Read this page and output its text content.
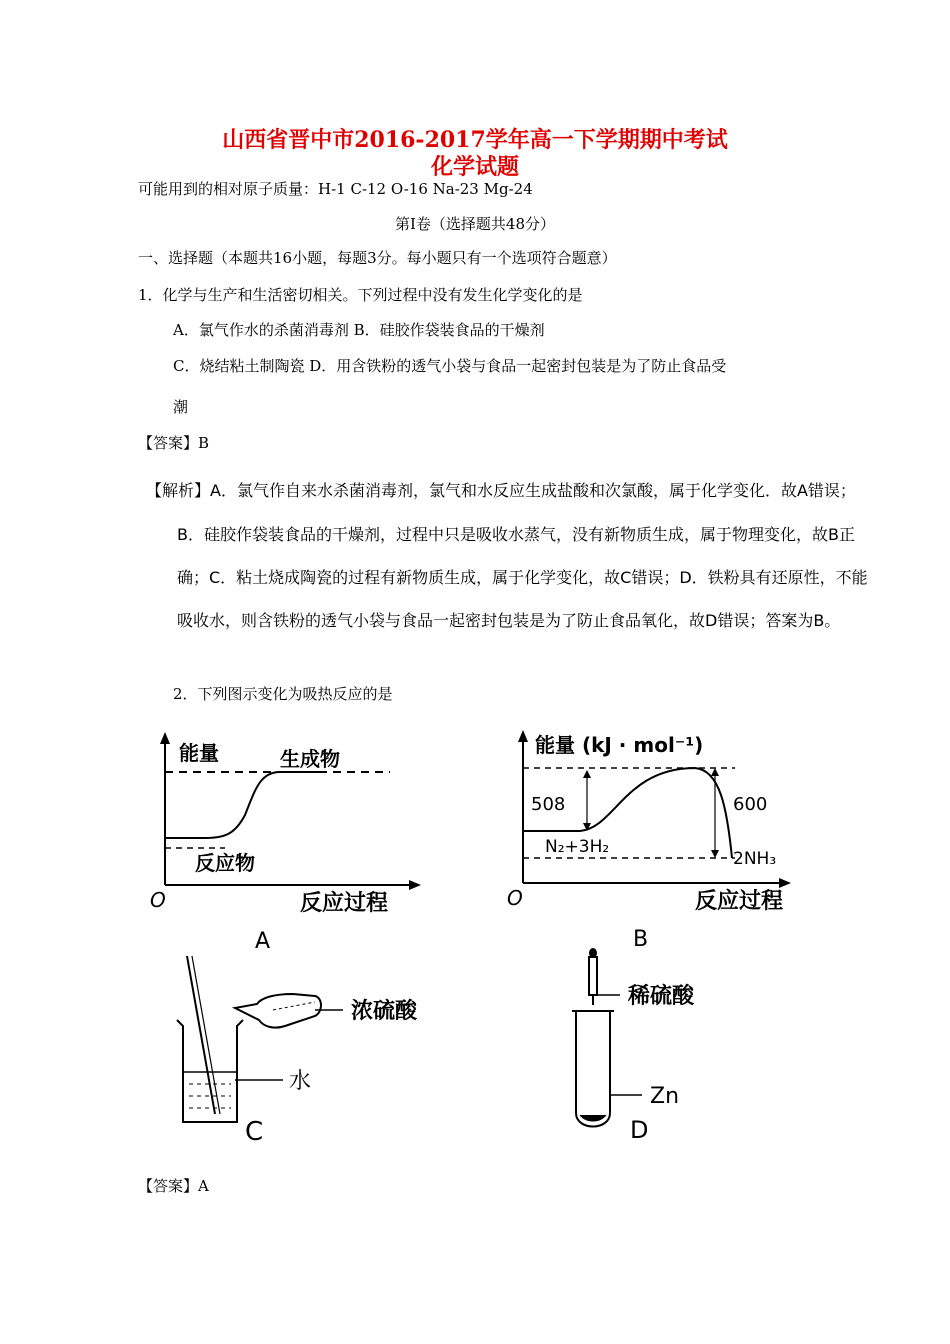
山西省晋中市2016-2017学年高一下学期期中考试
化学试题
可能用到的相对原子质量：H-1 C-12 O-16 Na-23 Mg-24
第Ⅰ卷（选择题共48分）
一、选择题（本题共16小题，每题3分。每小题只有一个选项符合题意）
1．化学与生产和生活密切相关。下列过程中没有发生化学变化的是
A．氯气作水的杀菌消毒剂 B．硅胶作袋装食品的干燥剂
C．烧结粘土制陶瓷 D．用含铁粉的透气小袋与食品一起密封包装是为了防止食品受
潮
【答案】B
【解析】A．氯气作自来水杀菌消毒剂，氯气和水反应生成盐酸和次氯酸，属于化学变化．故A错误；
B．硅胶作袋装食品的干燥剂，过程中只是吸收水蒸气，没有新物质生成，属于物理变化，故B正
确；C．粘土烧成陶瓷的过程有新物质生成，属于化学变化，故C错误；D．铁粉具有还原性，不能
吸收水，则含铁粉的透气小袋与食品一起密封包装是为了防止食品氧化，故D错误；答案为B。
2．下列图示变化为吸热反应的是
能量	生成物
反应物
O	反应过程
A
能量 (kJ · mol⁻¹)
508	600
N₂+3H₂
2NH₃
O	反应过程
B
浓硫酸
水
C
稀硫酸
Zn
D
【答案】A
